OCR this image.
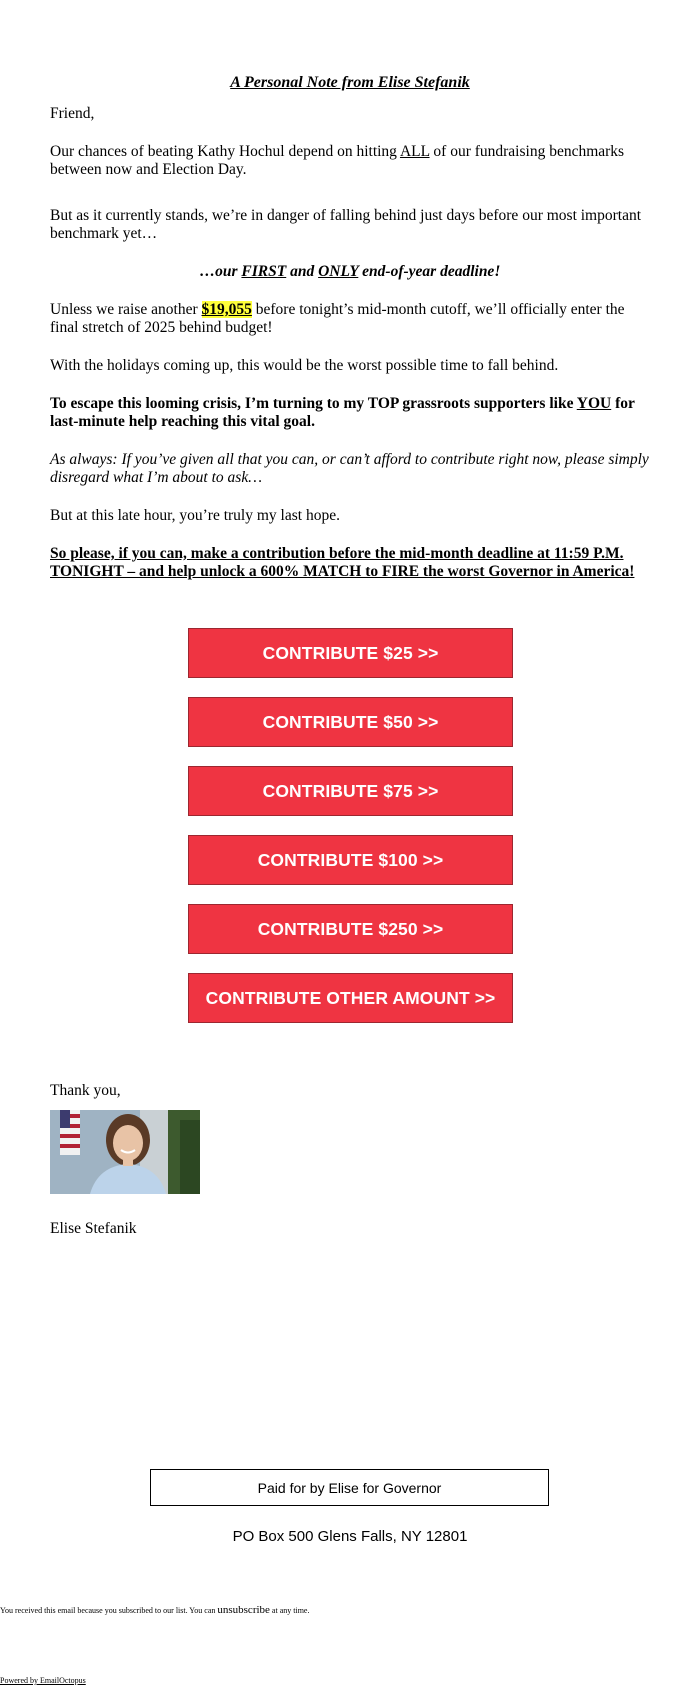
A Personal Note from Elise Stefanik

Friend,

Our chances of beating Kathy Hochul depend on hitting ALL of our fundraising benchmarks between now and Election Day.

But as it currently stands, we’re in danger of falling behind just days before our most important benchmark yet…

…our FIRST and ONLY end-of-year deadline!

Unless we raise another $19,055 before tonight’s mid-month cutoff, we’ll officially enter the final stretch of 2025 behind budget!

With the holidays coming up, this would be the worst possible time to fall behind.

To escape this looming crisis, I’m turning to my TOP grassroots supporters like YOU for last-minute help reaching this vital goal.

As always: If you’ve given all that you can, or can’t afford to contribute right now, please simply disregard what I’m about to ask…

But at this late hour, you’re truly my last hope.

So please, if you can, make a contribution before the mid-month deadline at 11:59 P.M. TONIGHT – and help unlock a 600% MATCH to FIRE the worst Governor in America!

CONTRIBUTE $25 >>
CONTRIBUTE $50 >>
CONTRIBUTE $75 >>
CONTRIBUTE $100 >>
CONTRIBUTE $250 >>
CONTRIBUTE OTHER AMOUNT >>

Thank you,

Elise Stefanik

Paid for by Elise for Governor
PO Box 500 Glens Falls, NY 12801
You received this email because you subscribed to our list. You can unsubscribe at any time.
Powered by EmailOctopus
